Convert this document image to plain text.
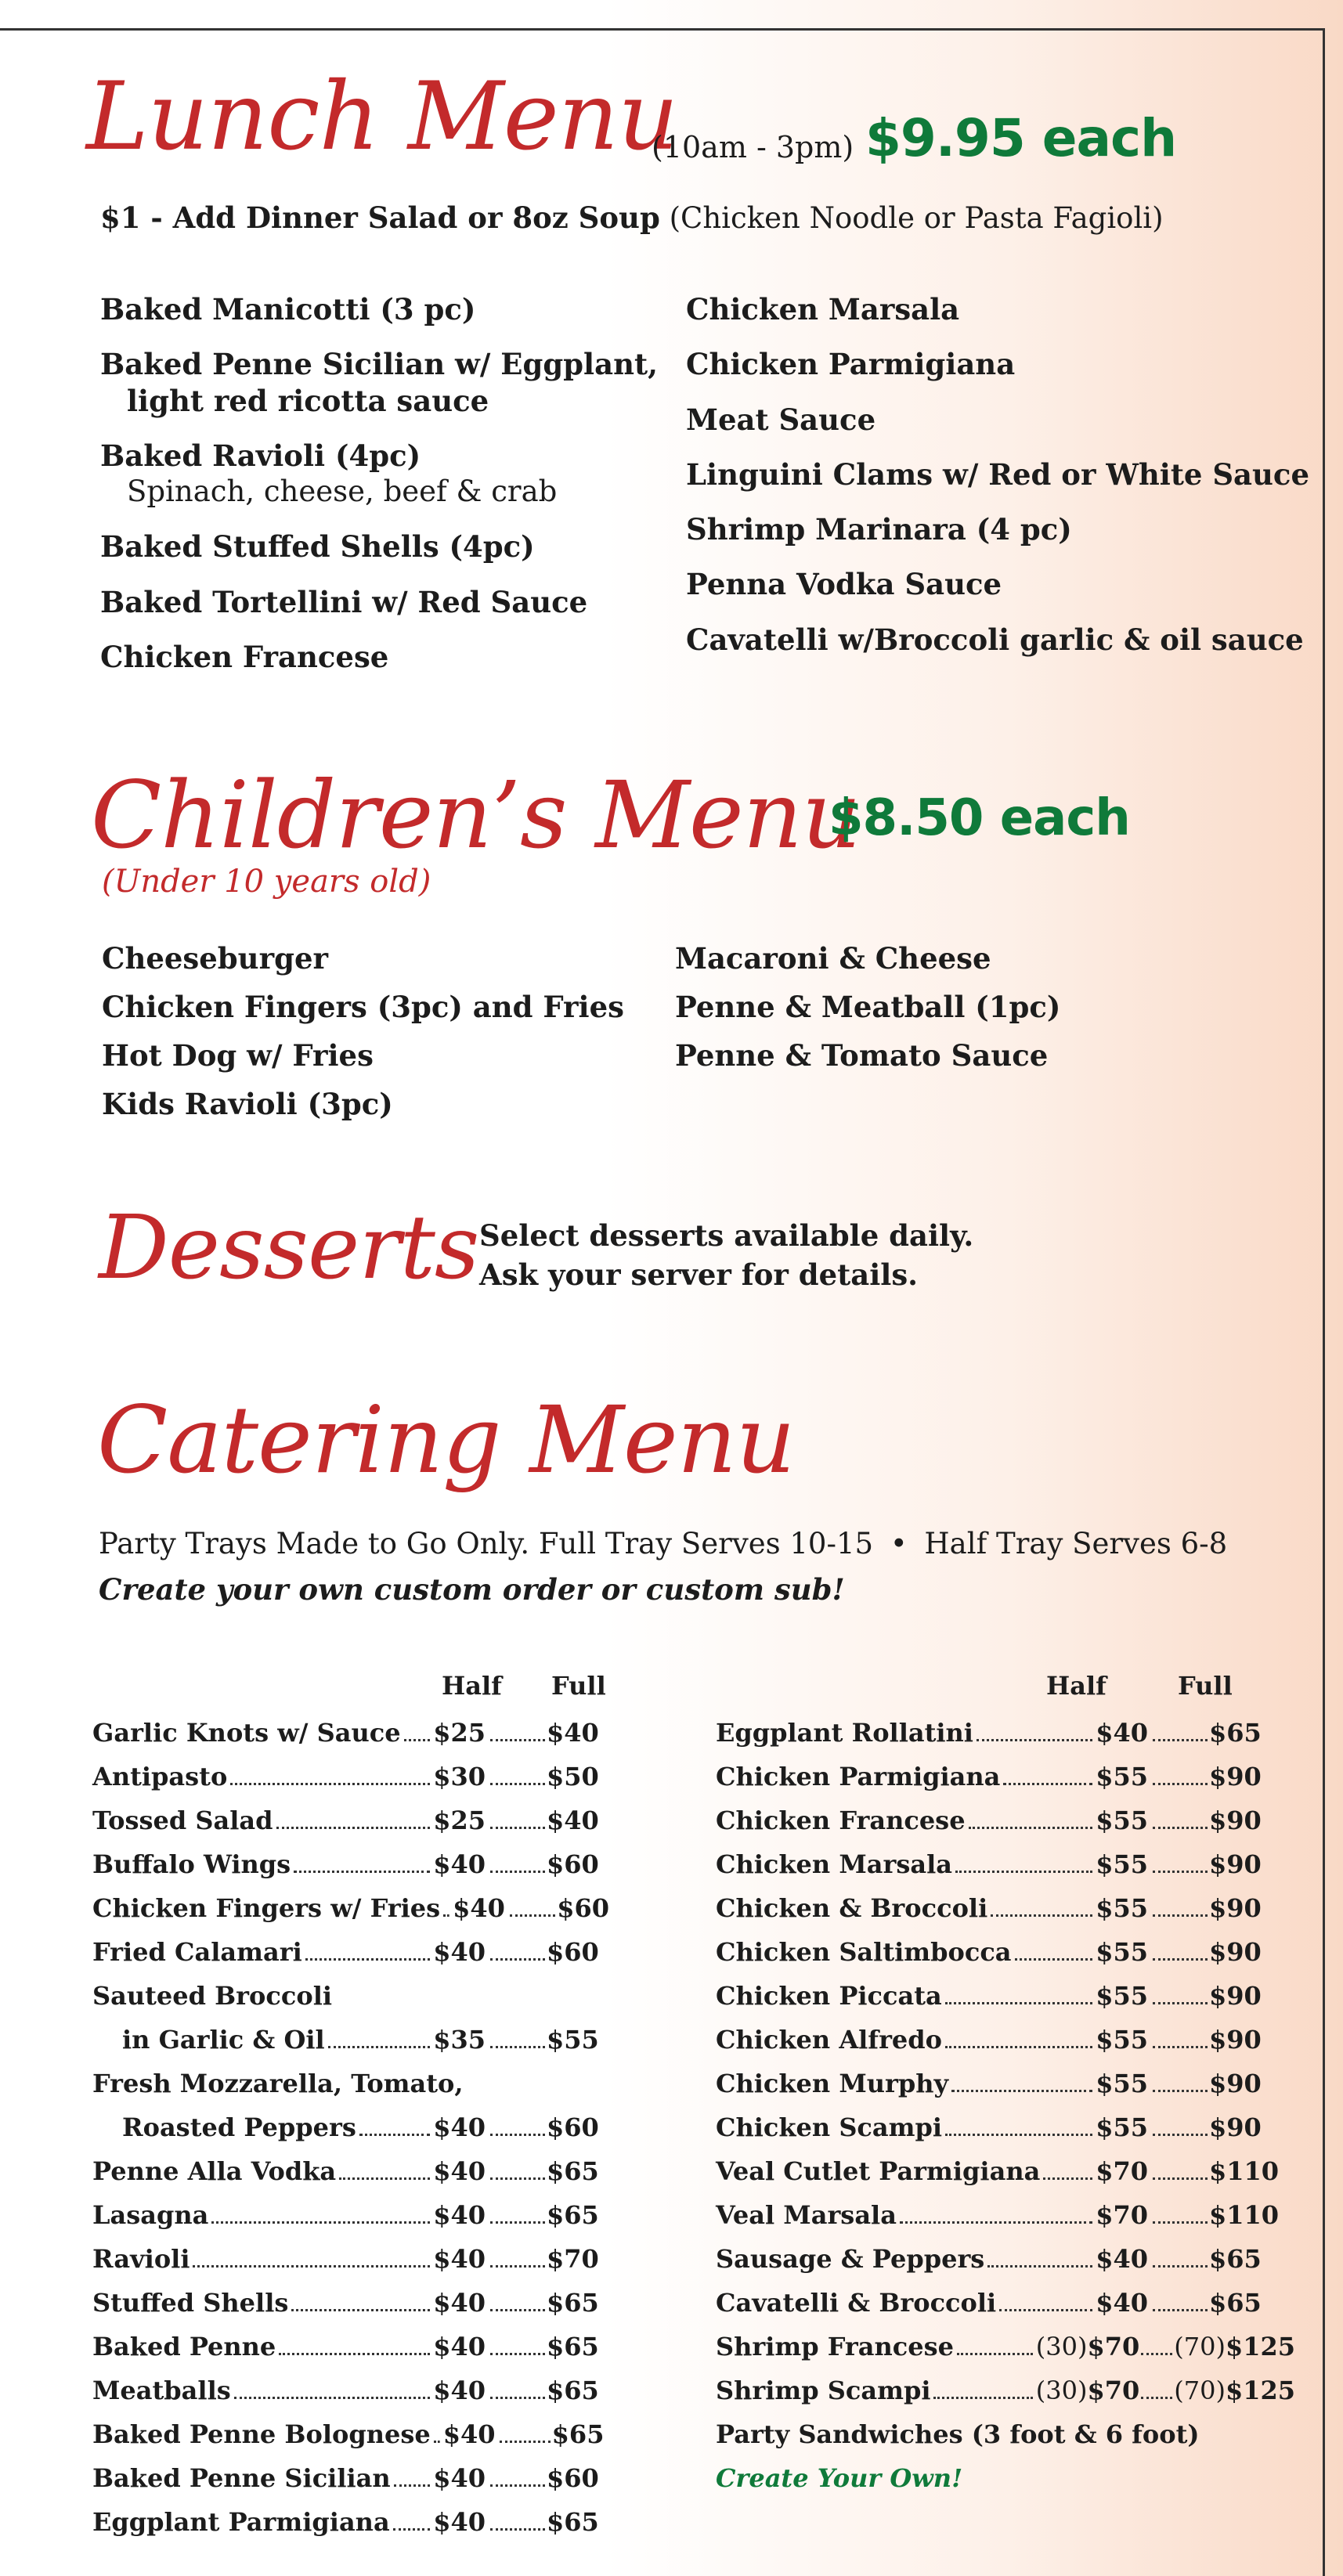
Lunch Menu
(10am - 3pm) $9.95 each
$1 - Add Dinner Salad or 8oz Soup (Chicken Noodle or Pasta Fagioli)
Baked Manicotti (3 pc)
Baked Penne Sicilian w/ Eggplant,
light red ricotta sauce
Baked Ravioli (4pc)
Spinach, cheese, beef & crab
Baked Stuffed Shells (4pc)
Baked Tortellini w/ Red Sauce
Chicken Francese
Chicken Marsala
Chicken Parmigiana
Meat Sauce
Linguini Clams w/ Red or White Sauce
Shrimp Marinara (4 pc)
Penna Vodka Sauce
Cavatelli w/Broccoli garlic & oil sauce
Children’s Menu
$8.50 each
(Under 10 years old)
Cheeseburger
Chicken Fingers (3pc) and Fries
Hot Dog w/ Fries
Kids Ravioli (3pc)
Macaroni & Cheese
Penne & Meatball (1pc)
Penne & Tomato Sauce
Desserts Select desserts available daily.
Ask your server for details.
Catering Menu
Party Trays Made to Go Only. Full Tray Serves 10-15 • Half Tray Serves 6-8
Create your own custom order or custom sub!
Half	Full
Garlic Knots w/ Sauce $25 $40
Antipasto	$30 $50
Tossed Salad	$25 $40
Buffalo Wings	$40 $60
Chicken Fingers w/ Fries $40 $60
Fried Calamari	$40 $60
Sauteed Broccoli
in Garlic & Oil	$35 $55
Fresh Mozzarella, Tomato,
Roasted Peppers	$40 $60
Penne Alla Vodka	$40 $65
Lasagna	$40 $65
Ravioli	$40 $70
Stuffed Shells	$40 $65
Baked Penne	$40 $65
Meatballs	$40 $65
Baked Penne Bolognese $40 $65
Baked Penne Sicilian $40 $60
Eggplant Parmigiana $40 $65
Half	Full
Eggplant Rollatini	$40 $65
Chicken Parmigiana	$55 $90
Chicken Francese	$55 $90
Chicken Marsala	$55 $90
Chicken & Broccoli	$55 $90
Chicken Saltimbocca	$55 $90
Chicken Piccata	$55 $90
Chicken Alfredo	$55 $90
Chicken Murphy	$55 $90
Chicken Scampi	$55 $90
Veal Cutlet Parmigiana $70 $110
Veal Marsala	$70 $110
Sausage & Peppers	$40 $65
Cavatelli & Broccoli	$40 $65
Shrimp Francese	(30) $70 (70) $125
Shrimp Scampi	(30) $70 (70) $125
Party Sandwiches (3 foot & 6 foot)
Create Your Own!
